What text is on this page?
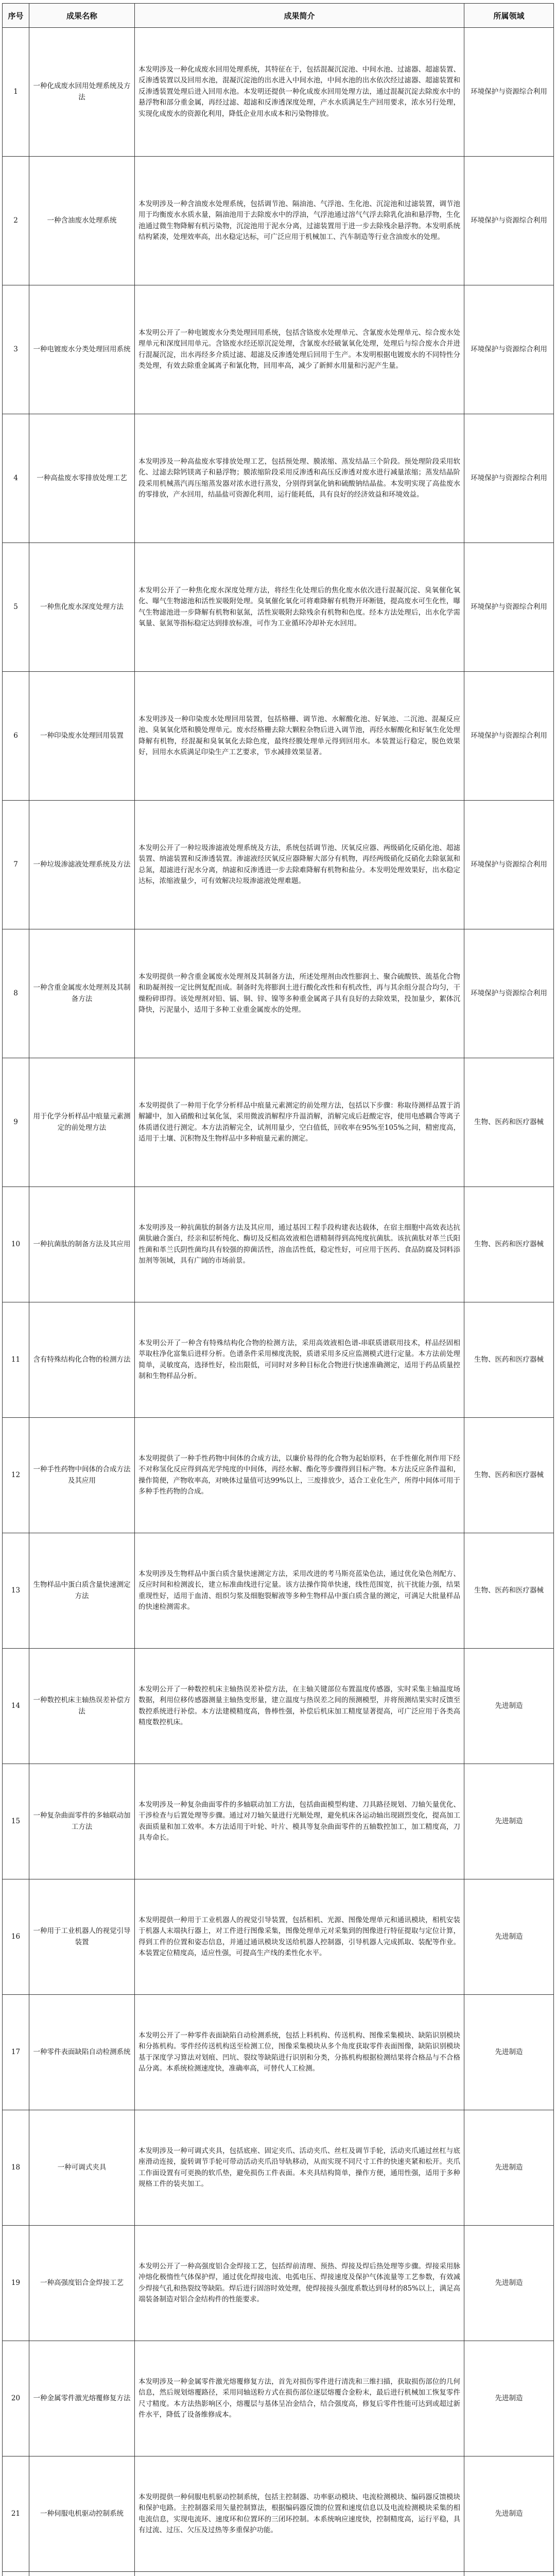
序号	成果名称	成果简介	所属领域
1	一种化成废水回用处理系统及方法	本发明涉及一种化成废水回用处理系统，其特征在于，包括混凝沉淀池、中间水池、过滤器、超滤装置、反渗透装置以及回用水池，混凝沉淀池的出水进入中间水池，中间水池的出水依次经过滤器、超滤装置和反渗透装置处理后进入回用水池。本发明还提供一种化成废水回用处理方法，通过混凝沉淀去除废水中的悬浮物和部分重金属，再经过滤、超滤和反渗透深度处理，产水水质满足生产回用要求，浓水另行处理，实现化成废水的资源化利用，降低企业用水成本和污染物排放。	环境保护与资源综合利用
2	一种含油废水处理系统	本发明涉及一种含油废水处理系统，包括调节池、隔油池、气浮池、生化池、沉淀池和过滤装置，调节池用于均衡废水水质水量，隔油池用于去除废水中的浮油，气浮池通过溶气气浮去除乳化油和悬浮物，生化池通过微生物降解有机污染物，沉淀池用于泥水分离，过滤装置用于进一步去除残余悬浮物。本发明系统结构紧凑，处理效率高，出水稳定达标，可广泛应用于机械加工、汽车制造等行业含油废水的处理。	环境保护与资源综合利用
3	一种电镀废水分类处理回用系统	本发明公开了一种电镀废水分类处理回用系统，包括含铬废水处理单元、含氰废水处理单元、综合废水处理单元和深度回用单元。含铬废水经还原沉淀处理，含氰废水经破氰氧化处理，处理后与综合废水合并进行混凝沉淀，出水再经多介质过滤、超滤及反渗透处理后回用于生产。本发明根据电镀废水的不同特性分类处理，有效去除重金属离子和氰化物，回用率高，减少了新鲜水用量和污泥产生量。	环境保护与资源综合利用
4	一种高盐废水零排放处理工艺	本发明涉及一种高盐废水零排放处理工艺，包括预处理、膜浓缩、蒸发结晶三个阶段。预处理阶段采用软化、过滤去除钙镁离子和悬浮物；膜浓缩阶段采用反渗透和高压反渗透对废水进行减量浓缩；蒸发结晶阶段采用机械蒸汽再压缩蒸发器对浓水进行蒸发，分别得到氯化钠和硫酸钠结晶盐。本发明实现了高盐废水的零排放，产水回用，结晶盐可资源化利用，运行能耗低，具有良好的经济效益和环境效益。	环境保护与资源综合利用
5	一种焦化废水深度处理方法	本发明公开了一种焦化废水深度处理方法，将经生化处理后的焦化废水依次进行混凝沉淀、臭氧催化氧化、曝气生物滤池和活性炭吸附处理。臭氧催化氧化可将难降解有机物开环断链，提高废水可生化性，曝气生物滤池进一步降解有机物和氨氮，活性炭吸附去除残余有机物和色度。经本方法处理后，出水化学需氧量、氨氮等指标稳定达到排放标准，可作为工业循环冷却补充水回用。	环境保护与资源综合利用
6	一种印染废水处理回用装置	本发明涉及一种印染废水处理回用装置，包括格栅、调节池、水解酸化池、好氧池、二沉池、混凝反应池、臭氧氧化塔和膜处理单元。废水经格栅去除大颗粒杂物后进入调节池，再经水解酸化和好氧生化处理降解有机物，经混凝和臭氧氧化去除色度，最终经膜处理单元得到回用水。本装置运行稳定，脱色效果好，回用水水质满足印染生产工艺要求，节水减排效果显著。	环境保护与资源综合利用
7	一种垃圾渗滤液处理系统及方法	本发明公开了一种垃圾渗滤液处理系统及方法，系统包括调节池、厌氧反应器、两级硝化反硝化池、超滤装置、纳滤装置和反渗透装置。渗滤液经厌氧反应器降解大部分有机物，再经两级硝化反硝化去除氨氮和总氮，超滤进行泥水分离，纳滤和反渗透进一步去除难降解有机物和盐分。本发明处理效果好，出水稳定达标，浓缩液量少，可有效解决垃圾渗滤液处理难题。	环境保护与资源综合利用
8	一种含重金属废水处理剂及其制备方法	本发明提供一种含重金属废水处理剂及其制备方法，所述处理剂由改性膨润土、聚合硫酸铁、巯基化合物和助凝剂按一定比例复配而成。制备时先将膨润土进行酸化改性和有机改性，再与其余组分混合均匀，干燥粉碎即得。该处理剂对铅、镉、铜、锌、镍等多种重金属离子具有良好的去除效果，投加量少，絮体沉降快，污泥量小，适用于多种工业重金属废水的处理。	环境保护与资源综合利用
9	用于化学分析样品中痕量元素测定的前处理方法	本发明提供了一种用于化学分析样品中痕量元素测定的前处理方法，包括以下步骤：称取待测样品置于消解罐中，加入硝酸和过氧化氢，采用微波消解程序升温消解，消解完成后赶酸定容，使用电感耦合等离子体质谱仪进行测定。本方法消解完全，试剂用量少，空白值低，回收率在95%至105%之间，精密度高，适用于土壤、沉积物及生物样品中多种痕量元素的测定。	生物、医药和医疗器械
10	一种抗菌肽的制备方法及其应用	本发明涉及一种抗菌肽的制备方法及其应用，通过基因工程手段构建表达载体，在宿主细胞中高效表达抗菌肽融合蛋白，经亲和层析纯化、酶切及反相高效液相色谱精制得到高纯度抗菌肽。该抗菌肽对革兰氏阳性菌和革兰氏阴性菌均具有较强的抑菌活性，溶血活性低，稳定性好，可应用于医药、食品防腐及饲料添加剂等领域，具有广阔的市场前景。	生物、医药和医疗器械
11	含有特殊结构化合物的检测方法	本发明公开了一种含有特殊结构化合物的检测方法，采用高效液相色谱-串联质谱联用技术，样品经固相萃取柱净化富集后进样分析。色谱条件采用梯度洗脱，质谱采用多反应监测模式进行定量。本方法前处理简单，灵敏度高，选择性好，检出限低，可同时对多种目标化合物进行快速准确测定，适用于药品质量控制和生物样品分析。	生物、医药和医疗器械
12	一种手性药物中间体的合成方法及其应用	本发明提供了一种手性药物中间体的合成方法，以廉价易得的化合物为起始原料，在手性催化剂作用下经不对称氢化反应得到高光学纯度的中间体，再经水解、酯化等步骤得到目标产物。本方法反应条件温和，操作简便，产物收率高，对映体过量值可达99%以上，三废排放少，适合工业化生产，所得中间体可用于多种手性药物的合成。	生物、医药和医疗器械
13	生物样品中蛋白质含量快速测定方法	本发明涉及生物样品中蛋白质含量快速测定方法，采用改进的考马斯亮蓝染色法，通过优化染色剂配方、反应时间和检测波长，建立标准曲线进行定量。该方法操作简单快速，线性范围宽，抗干扰能力强，结果重现性好，适用于血清、组织匀浆及细胞裂解液等多种生物样品中蛋白质含量的测定，可满足大批量样品的快速检测需求。	生物、医药和医疗器械
14	一种数控机床主轴热误差补偿方法	本发明公开了一种数控机床主轴热误差补偿方法，在主轴关键部位布置温度传感器，实时采集主轴温度场数据，利用位移传感器测量主轴热变形量，建立温度与热误差之间的预测模型，并将预测结果实时反馈至数控系统进行补偿。本方法建模精度高，鲁棒性强，补偿后机床加工精度显著提高，可广泛应用于各类高精度数控机床。	先进制造
15	一种复杂曲面零件的多轴联动加工方法	本发明涉及一种复杂曲面零件的多轴联动加工方法，包括曲面模型构建、刀具路径规划、刀轴矢量优化、干涉检查与后置处理等步骤。通过对刀轴矢量进行光顺处理，避免机床各运动轴出现剧烈变化，提高加工表面质量和加工效率。本方法适用于叶轮、叶片、模具等复杂曲面零件的五轴数控加工，加工精度高，刀具寿命长。	先进制造
16	一种用于工业机器人的视觉引导装置	本发明提供一种用于工业机器人的视觉引导装置，包括相机、光源、图像处理单元和通讯模块，相机安装于机器人末端执行器上，对工件进行图像采集，图像处理单元对采集到的图像进行特征提取与定位计算，得到工件的位置和姿态信息，并通过通讯模块发送给机器人控制器，引导机器人完成抓取、装配等作业。本装置定位精度高，适应性强，可提高生产线的柔性化水平。	先进制造
17	一种零件表面缺陷自动检测系统	本发明公开了一种零件表面缺陷自动检测系统，包括上料机构、传送机构、图像采集模块、缺陷识别模块和分拣机构。零件经传送机构送至检测工位，图像采集模块从多个角度获取零件表面图像，缺陷识别模块基于深度学习算法对划痕、凹坑、裂纹等缺陷进行识别和分类，分拣机构根据检测结果将合格品与不合格品分离。本系统检测速度快，准确率高，可替代人工检测。	先进制造
18	一种可调式夹具	本发明涉及一种可调式夹具，包括底座、固定夹爪、活动夹爪、丝杠及调节手轮，活动夹爪通过丝杠与底座滑动连接，旋转调节手轮可带动活动夹爪沿导轨移动，从而实现不同尺寸工件的快速夹紧和松开。夹爪工作面设置有可更换的软爪垫，避免损伤工件表面。本夹具结构简单，操作方便，通用性强，适用于多种规格工件的装夹加工。	先进制造
19	一种高强度铝合金焊接工艺	本发明公开了一种高强度铝合金焊接工艺，包括焊前清理、预热、焊接及焊后热处理等步骤。焊接采用脉冲熔化极惰性气体保护焊，通过优化焊接电流、电弧电压、焊接速度及保护气体流量等工艺参数，有效减少焊接气孔和热裂纹等缺陷。焊后进行固溶时效处理，使焊接接头强度系数达到母材的85%以上，满足高端装备制造对铝合金结构件的性能要求。	先进制造
20	一种金属零件激光熔覆修复方法	本发明涉及一种金属零件激光熔覆修复方法，首先对损伤零件进行清洗和三维扫描，获取损伤部位的几何信息，然后规划熔覆路径，采用同轴送粉方式在损伤部位逐层熔覆合金粉末，最后进行机械加工恢复零件尺寸精度。本方法热影响区小，熔覆层与基体呈冶金结合，结合强度高，修复后零件性能可达到或超过新件水平，降低了设备维修成本。	先进制造
21	一种伺服电机驱动控制系统	本发明提供一种伺服电机驱动控制系统，包括主控制器、功率驱动模块、电流检测模块、编码器反馈模块和保护电路。主控制器采用矢量控制算法，根据编码器反馈的位置和速度信息以及电流检测模块采集的相电流信息，实现电流环、速度环和位置环的三闭环控制。本系统响应速度快，控制精度高，运行平稳，具有过流、过压、欠压及过热等多重保护功能。	先进制造
